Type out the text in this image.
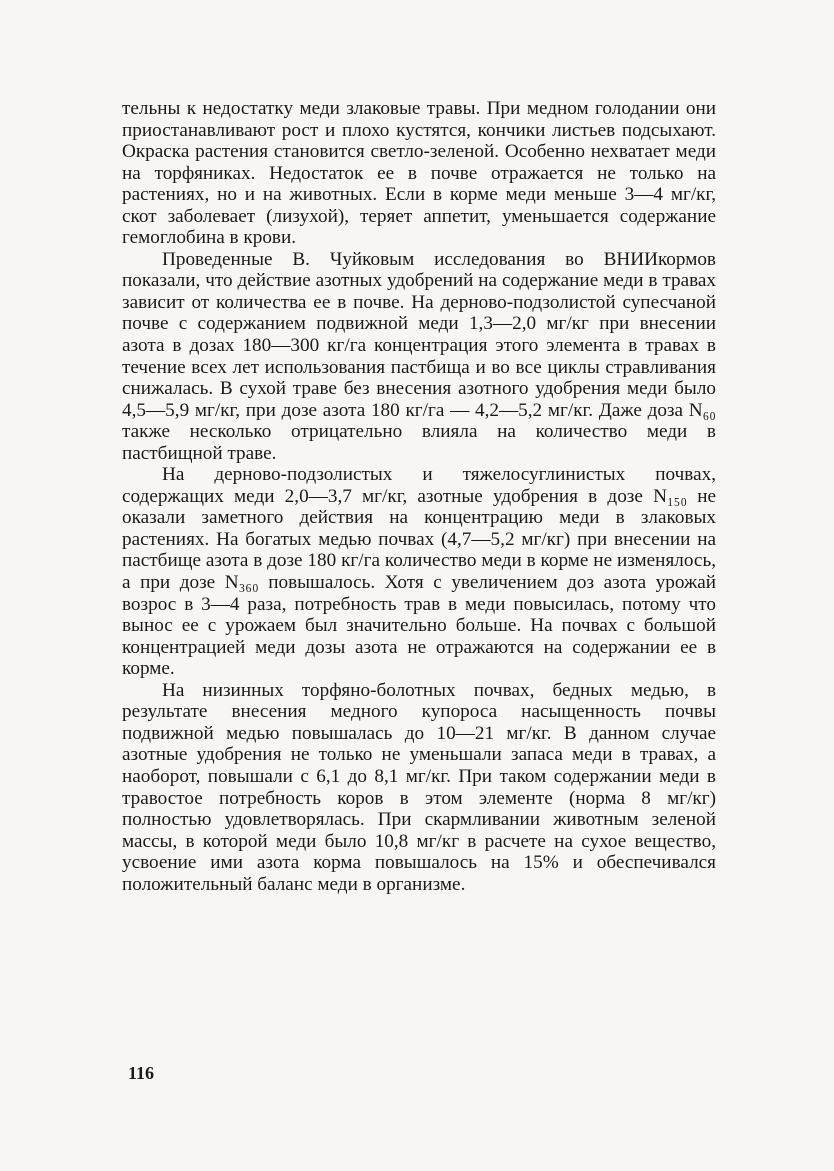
тельны к недостатку меди злаковые травы. При медном голодании они приостанавливают рост и плохо кустятся, кончики листьев подсыхают. Окраска растения становится светло-зеленой. Особенно нехватает меди на торфяниках. Недостаток ее в почве отражается не только на растениях, но и на животных. Если в корме меди меньше 3—4 мг/кг, скот заболевает (лизухой), теряет аппетит, уменьшается содержание гемоглобина в крови.

Проведенные В. Чуйковым исследования во ВНИИкормов показали, что действие азотных удобрений на содержание меди в травах зависит от количества ее в почве. На дерново-подзолистой супесчаной почве с содержанием подвижной меди 1,3—2,0 мг/кг при внесении азота в дозах 180—300 кг/га концентрация этого элемента в травах в течение всех лет использования пастбища и во все циклы стравливания снижалась. В сухой траве без внесения азотного удобрения меди было 4,5—5,9 мг/кг, при дозе азота 180 кг/га — 4,2—5,2 мг/кг. Даже доза N₆₀ также несколько отрицательно влияла на количество меди в пастбищной траве.

На дерново-подзолистых и тяжелосуглинистых почвах, содержащих меди 2,0—3,7 мг/кг, азотные удобрения в дозе N₁₅₀ не оказали заметного действия на концентрацию меди в злаковых растениях. На богатых медью почвах (4,7—5,2 мг/кг) при внесении на пастбище азота в дозе 180 кг/га количество меди в корме не изменялось, а при дозе N₃₆₀ повышалось. Хотя с увеличением доз азота урожай возрос в 3—4 раза, потребность трав в меди повысилась, потому что вынос ее с урожаем был значительно больше. На почвах с большой концентрацией меди дозы азота не отражаются на содержании ее в корме.

На низинных торфяно-болотных почвах, бедных медью, в результате внесения медного купороса насыщенность почвы подвижной медью повышалась до 10—21 мг/кг. В данном случае азотные удобрения не только не уменьшали запаса меди в травах, а наоборот, повышали с 6,1 до 8,1 мг/кг. При таком содержании меди в травостое потребность коров в этом элементе (норма 8 мг/кг) полностью удовлетворялась. При скармливании животным зеленой массы, в которой меди было 10,8 мг/кг в расчете на сухое вещество, усвоение ими азота корма повышалось на 15% и обеспечивался положительный баланс меди в организме.

116
